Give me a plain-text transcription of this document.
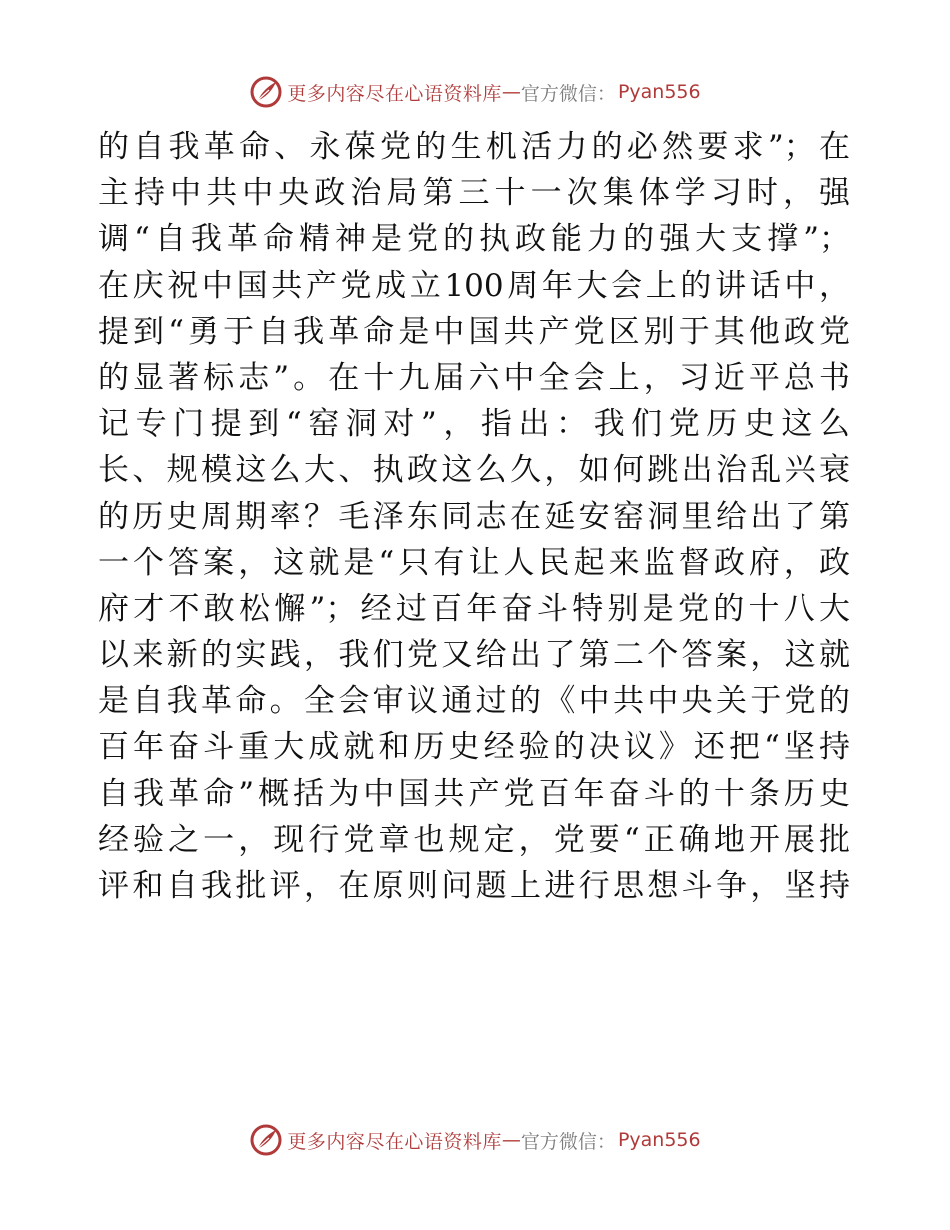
更多内容尽在心语资料库 — 官方微信： Pyan556
的自我革命、永葆党的生机活力的必然要求”；在
主持中共中央政治局第三十一次集体学习时，强
调“自我革命精神是党的执政能力的强大支撑”；
在庆祝中国共产党成立100周年大会上的讲话中，
提到“勇于自我革命是中国共产党区别于其他政党
的显著标志”。在十九届六中全会上，习近平总书
记专门提到“窑洞对”，指出：我们党历史这么
长、规模这么大、执政这么久，如何跳出治乱兴衰
的历史周期率？毛泽东同志在延安窑洞里给出了第
一个答案，这就是“只有让人民起来监督政府，政
府才不敢松懈”；经过百年奋斗特别是党的十八大
以来新的实践，我们党又给出了第二个答案，这就
是自我革命。全会审议通过的《中共中央关于党的
百年奋斗重大成就和历史经验的决议》还把“坚持
自我革命”概括为中国共产党百年奋斗的十条历史
经验之一，现行党章也规定，党要“正确地开展批
评和自我批评，在原则问题上进行思想斗争，坚持
更多内容尽在心语资料库 — 官方微信： Pyan556
